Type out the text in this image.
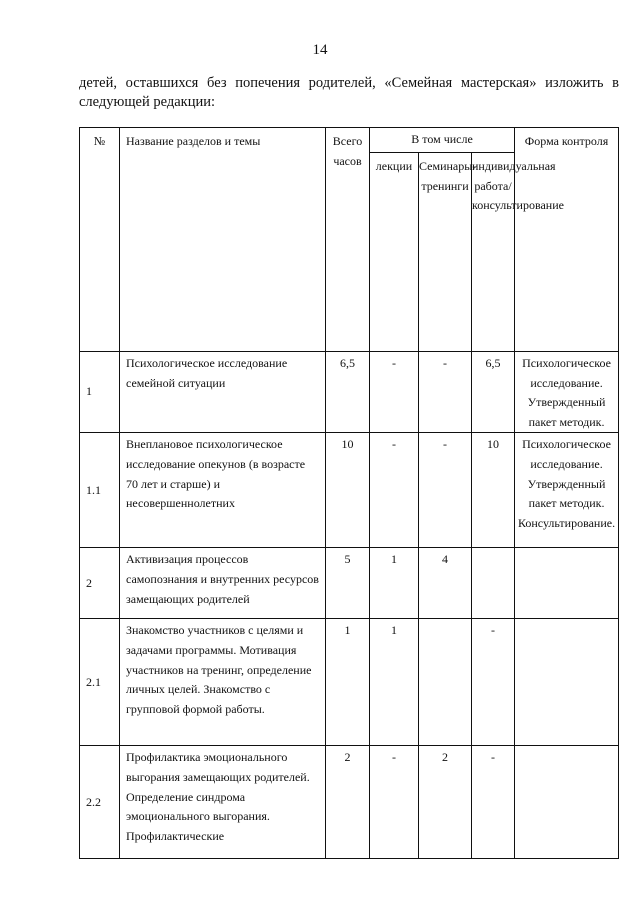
14
детей, оставшихся без попечения родителей, «Семейная мастерская» изложить в
следующей редакции:
№	Название разделов и темы	Всего часов	В том числе			Форма контроля
			лекции	Семинары-тренинги	индивидуальная работа/консультирование	
1	Психологическое исследование семейной ситуации	6,5	-	-	6,5	Психологическое исследование. Утвержденный пакет методик.
1.1	Внеплановое психологическое исследование опекунов (в возрасте 70 лет и старше) и несовершеннолетних	10	-	-	10	Психологическое исследование. Утвержденный пакет методик. Консультирование.
2	Активизация процессов самопознания и внутренних ресурсов замещающих родителей	5	1	4		
2.1	Знакомство участников с целями и задачами программы. Мотивация участников на тренинг, определение личных целей. Знакомство с групповой формой работы.	1	1		-	
2.2	Профилактика эмоционального выгорания замещающих родителей. Определение синдрома эмоционального выгорания. Профилактические	2	-	2	-	
